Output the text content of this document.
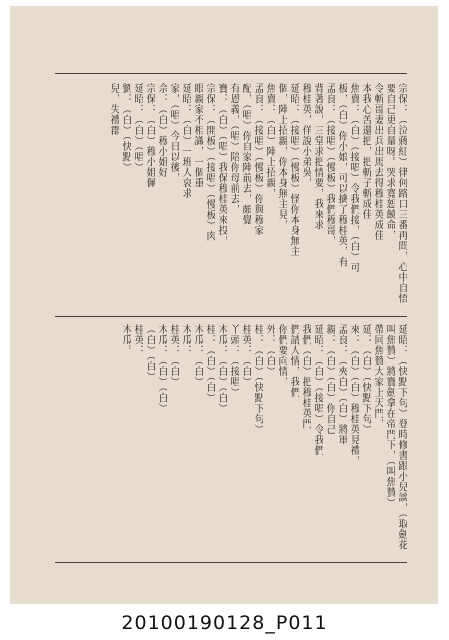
宗保：（泣蔣紅）律何路口三番再問，心中自悟
要自己更自量呀。哭求寬恕饒命，
令斬哥妻出兵出馬去得穆桂英成佳
本我心苦還把，把斬子斬成佳
焦賣：（白）（接唱）令我們接，（白）可
板，（白）你小娘，可以擒了穆桂英，有
孟良：（接唱）（慢板）我們穆哥，
背著說，三堂求把情要，我來求
穆桂英，佯說小弟吳，
延昭：（接唱）（慢板）怪你本身無主
個，陣上招親，你本身無主見，
焦賣：（白）陣上招親，
孟良：（接唱）（慢板）你與穆家
配，（唱）你自家陣前去，頗覺
有恩義，（唱）陪你母前去，
寶：（白）（唱）我保穆桂英來投，
宗保：（開板）（接唱）（慢板）肉
眼親家不相識，一個重
延昭：（白）一班人哀求
家，（唱）今日以後，
佘：（白）穆小姐好
宗保：（白）穆小姐佩
延昭：（白）（唱）
劉：（白）（快點）
兒，失禮郡
延昭：（快點下句）登時修書跟小兒談，（取劍花
叫焦贊）將寶劍拿在帝門下，（叫焦贊）
帶同焦贊大家上天門，
延：（白）（快點下句）
來：（白）（白）穆桂英見禮，
孟良：（夾白）（白）將軍
親：（白）（白）你自己
延昭：（白）（接唱）令我們
我們（白）把穆桂英門
們請人情，我們
你們要向情，
外：（白）
桂：（白）（快點下句）
桂英：（白）
丫頭：（接唱）
木瓜：（白）（白）
桂：（白）（白）
木瓜：（白）
木瓜：
桂英：（白）
木瓜：（白）（白）
（白）（白）
桂英：
木瓜。
20100190128_P011
